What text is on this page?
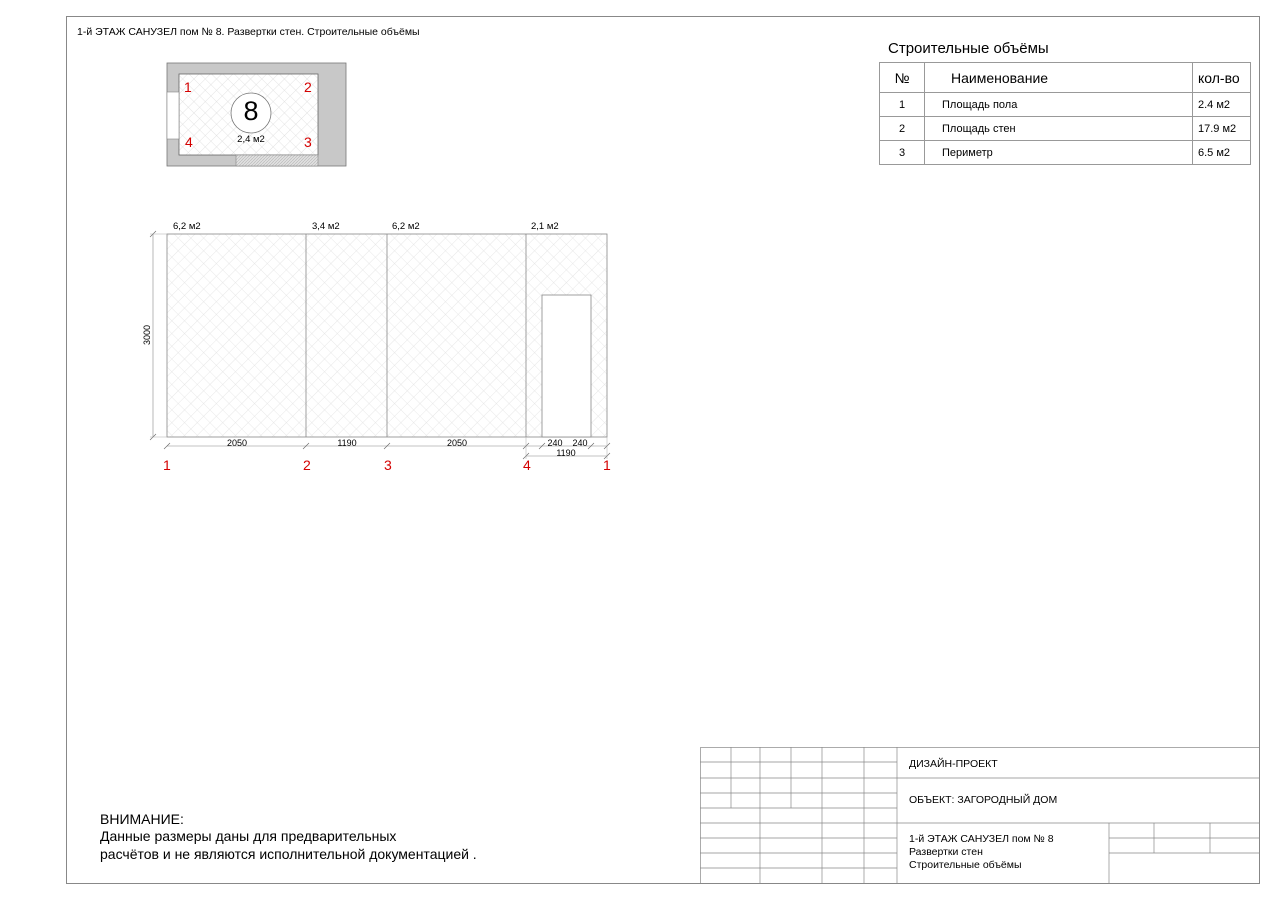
1-й ЭТАЖ САНУЗЕЛ пом № 8. Развертки стен. Строительные объёмы
8
2,4 м2
1	2
3
4
6,2 м2	3,4 м2	6,2 м2	2,1 м2
3000
2050	1190	2050	240	240
1190
1	2	3	4	1
Строительные объёмы
№	Наименование	кол-во
1	Площадь пола	2.4 м2
2	Площадь стен	17.9 м2
3	Периметр	6.5 м2
ВНИМАНИЕ:
Данные размеры даны для предварительных
расчётов и не являются исполнительной документацией .
ДИЗАЙН-ПРОЕКТ
ОБЪЕКТ: ЗАГОРОДНЫЙ ДОМ
1-й ЭТАЖ САНУЗЕЛ пом № 8
Развертки стен
Строительные объёмы
